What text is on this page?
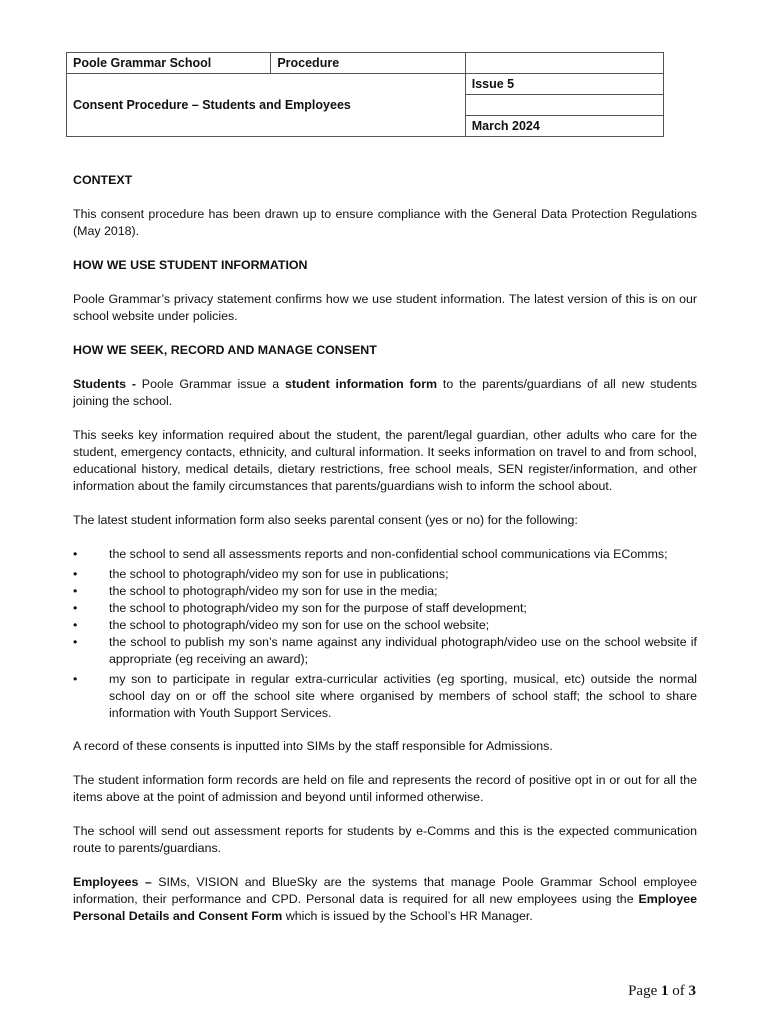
Poole Grammar School	Procedure	
Consent Procedure – Students and Employees		Issue 5

		March 2024
CONTEXT

This consent procedure has been drawn up to ensure compliance with the General Data Protection Regulations (May 2018).

HOW WE USE STUDENT INFORMATION

Poole Grammar’s privacy statement confirms how we use student information. The latest version of this is on our school website under policies.

HOW WE SEEK, RECORD AND MANAGE CONSENT

Students - Poole Grammar issue a student information form to the parents/guardians of all new students joining the school.

This seeks key information required about the student, the parent/legal guardian, other adults who care for the student, emergency contacts, ethnicity, and cultural information. It seeks information on travel to and from school, educational history, medical details, dietary restrictions, free school meals, SEN register/information, and other information about the family circumstances that parents/guardians wish to inform the school about.

The latest student information form also seeks parental consent (yes or no) for the following:

• the school to send all assessments reports and non-confidential school communications via EComms;
• the school to photograph/video my son for use in publications;
• the school to photograph/video my son for use in the media;
• the school to photograph/video my son for the purpose of staff development;
• the school to photograph/video my son for use on the school website;
• the school to publish my son’s name against any individual photograph/video use on the school website if appropriate (eg receiving an award);
• my son to participate in regular extra-curricular activities (eg sporting, musical, etc) outside the normal school day on or off the school site where organised by members of school staff; the school to share information with Youth Support Services.

A record of these consents is inputted into SIMs by the staff responsible for Admissions.

The student information form records are held on file and represents the record of positive opt in or out for all the items above at the point of admission and beyond until informed otherwise.

The school will send out assessment reports for students by e-Comms and this is the expected communication route to parents/guardians.

Employees – SIMs, VISION and BlueSky are the systems that manage Poole Grammar School employee information, their performance and CPD. Personal data is required for all new employees using the Employee Personal Details and Consent Form which is issued by the School’s HR Manager.

Page 1 of 3
